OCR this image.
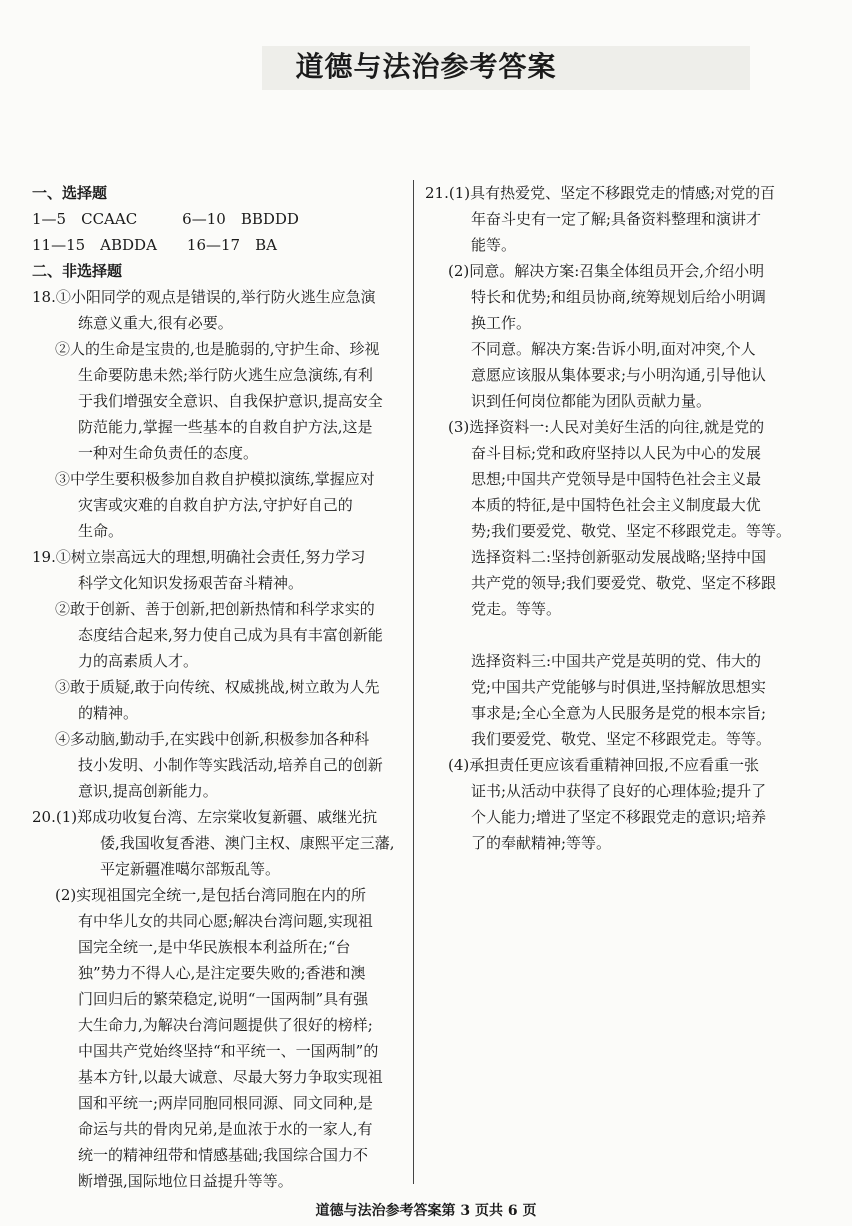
道德与法治参考答案
一、选择题
1—5　CCAAC　　　6—10　BBDDD
11—15　ABDDA　　16—17　BA
二、非选择题
18.①小阳同学的观点是错误的,举行防火逃生应急演
练意义重大,很有必要。
②人的生命是宝贵的,也是脆弱的,守护生命、珍视
生命要防患未然;举行防火逃生应急演练,有利
于我们增强安全意识、自我保护意识,提高安全
防范能力,掌握一些基本的自救自护方法,这是
一种对生命负责任的态度。
③中学生要积极参加自救自护模拟演练,掌握应对
灾害或灾难的自救自护方法,守护好自己的
生命。
19.①树立崇高远大的理想,明确社会责任,努力学习
科学文化知识发扬艰苦奋斗精神。
②敢于创新、善于创新,把创新热情和科学求实的
态度结合起来,努力使自己成为具有丰富创新能
力的高素质人才。
③敢于质疑,敢于向传统、权威挑战,树立敢为人先
的精神。
④多动脑,勤动手,在实践中创新,积极参加各种科
技小发明、小制作等实践活动,培养自己的创新
意识,提高创新能力。
20.(1)郑成功收复台湾、左宗棠收复新疆、戚继光抗
倭,我国收复香港、澳门主权、康熙平定三藩,
平定新疆准噶尔部叛乱等。
(2)实现祖国完全统一,是包括台湾同胞在内的所
有中华儿女的共同心愿;解决台湾问题,实现祖
国完全统一,是中华民族根本利益所在;“台
独”势力不得人心,是注定要失败的;香港和澳
门回归后的繁荣稳定,说明“一国两制”具有强
大生命力,为解决台湾问题提供了很好的榜样;
中国共产党始终坚持“和平统一、一国两制”的
基本方针,以最大诚意、尽最大努力争取实现祖
国和平统一;两岸同胞同根同源、同文同种,是
命运与共的骨肉兄弟,是血浓于水的一家人,有
统一的精神纽带和情感基础;我国综合国力不
断增强,国际地位日益提升等等。
21.(1)具有热爱党、坚定不移跟党走的情感;对党的百
年奋斗史有一定了解;具备资料整理和演讲才
能等。
(2)同意。解决方案:召集全体组员开会,介绍小明
特长和优势;和组员协商,统筹规划后给小明调
换工作。
不同意。解决方案:告诉小明,面对冲突,个人
意愿应该服从集体要求;与小明沟通,引导他认
识到任何岗位都能为团队贡献力量。
(3)选择资料一:人民对美好生活的向往,就是党的
奋斗目标;党和政府坚持以人民为中心的发展
思想;中国共产党领导是中国特色社会主义最
本质的特征,是中国特色社会主义制度最大优
势;我们要爱党、敬党、坚定不移跟党走。等等。
选择资料二:坚持创新驱动发展战略;坚持中国
共产党的领导;我们要爱党、敬党、坚定不移跟
党走。等等。

选择资料三:中国共产党是英明的党、伟大的
党;中国共产党能够与时俱进,坚持解放思想实
事求是;全心全意为人民服务是党的根本宗旨;
我们要爱党、敬党、坚定不移跟党走。等等。
(4)承担责任更应该看重精神回报,不应看重一张
证书;从活动中获得了良好的心理体验;提升了
个人能力;增进了坚定不移跟党走的意识;培养
了的奉献精神;等等。
道德与法治参考答案第 3 页共 6 页
